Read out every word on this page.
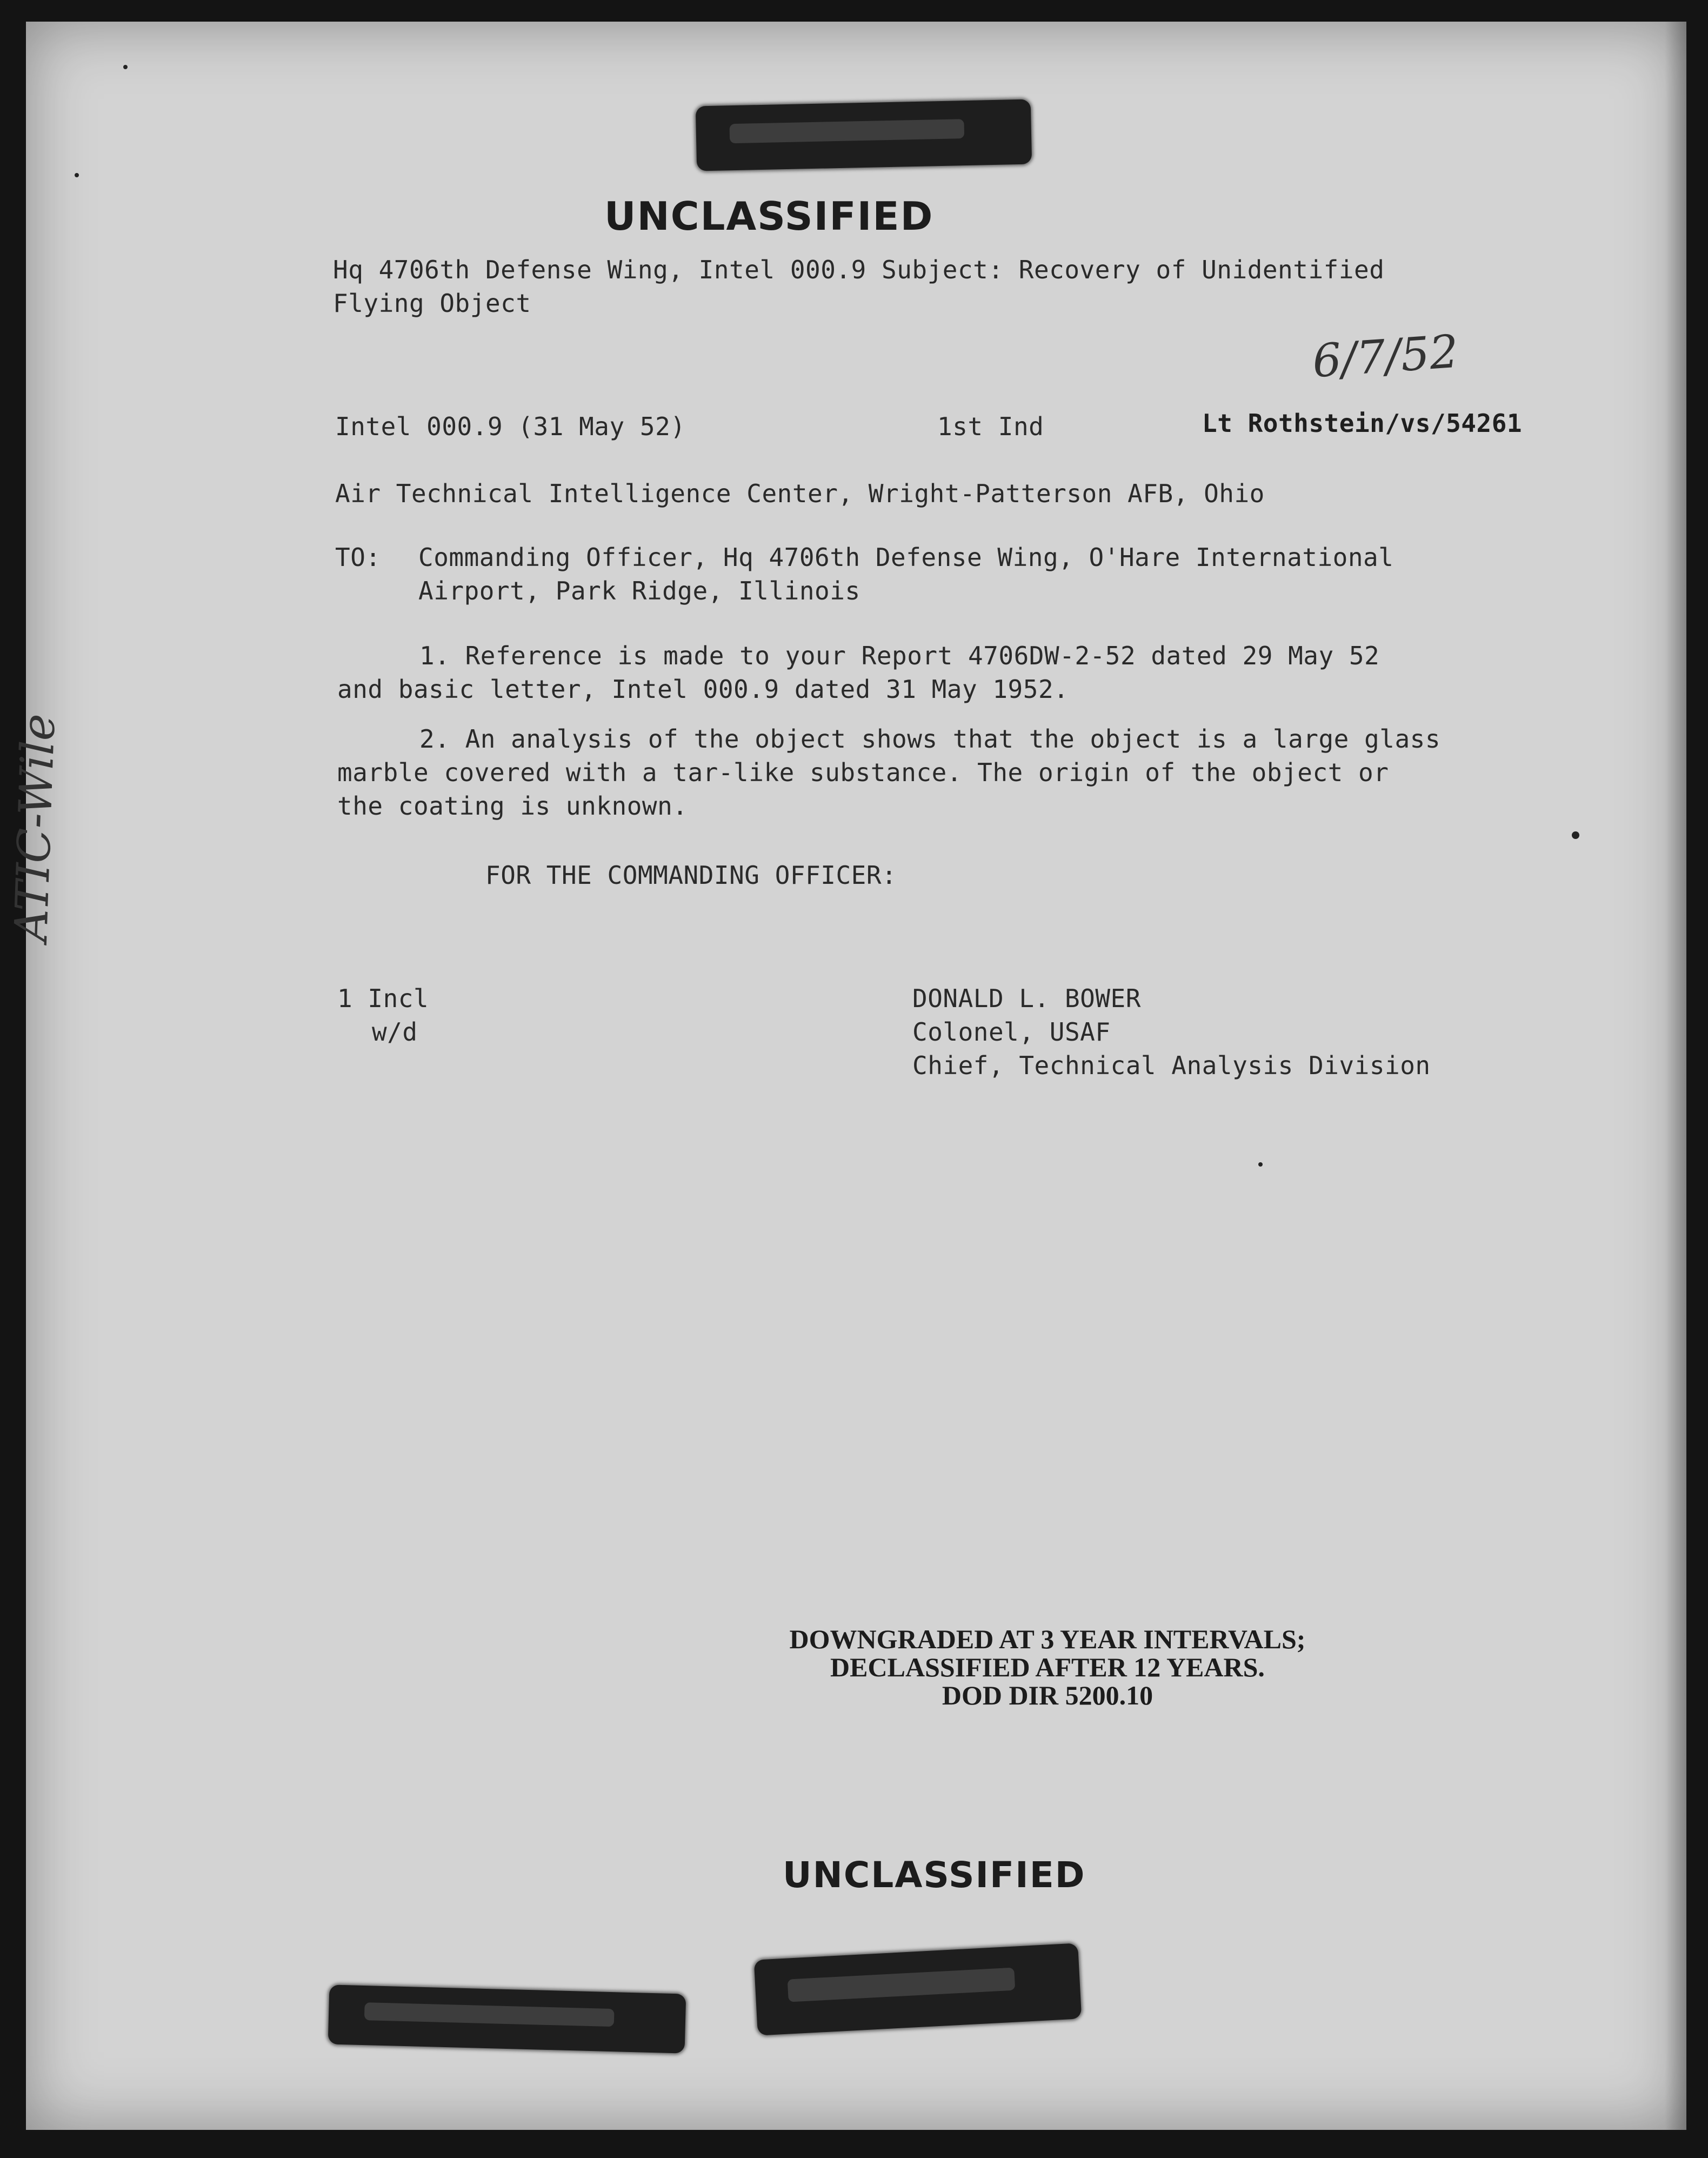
UNCLASSIFIED
Hq 4706th Defense Wing, Intel 000.9 Subject: Recovery of Unidentified
Flying Object
6/7/52
Intel 000.9 (31 May 52)	1st Ind	Lt Rothstein/vs/54261
Air Technical Intelligence Center, Wright-Patterson AFB, Ohio
TO: Commanding Officer, Hq 4706th Defense Wing, O'Hare International
Airport, Park Ridge, Illinois
1. Reference is made to your Report 4706DW-2-52 dated 29 May 52
and basic letter, Intel 000.9 dated 31 May 1952.
2. An analysis of the object shows that the object is a large glass
marble covered with a tar-like substance. The origin of the object or
the coating is unknown.
FOR THE COMMANDING OFFICER:
1 Incl
w/d
DONALD L. BOWER
Colonel, USAF
Chief, Technical Analysis Division
ATIC-Wile
DOWNGRADED AT 3 YEAR INTERVALS;
DECLASSIFIED AFTER 12 YEARS.
DOD DIR 5200.10
UNCLASSIFIED
